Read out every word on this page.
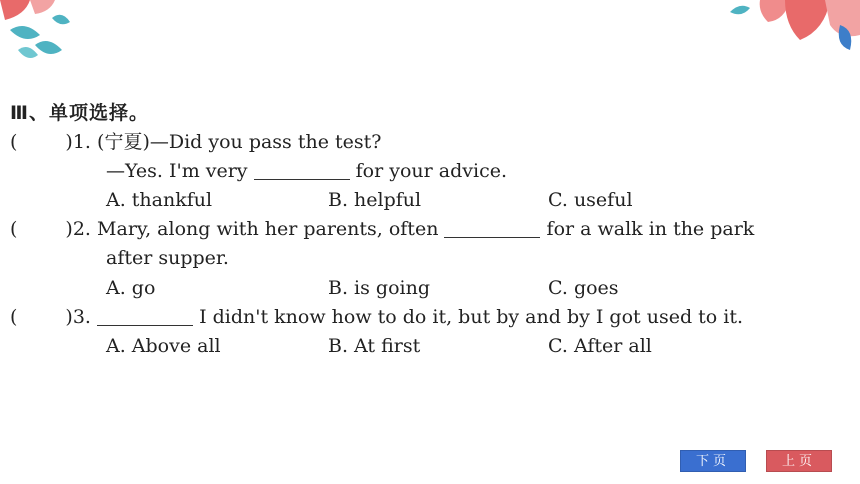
Ⅲ、单项选择。
(	)1. (宁夏)—Did you pass the test?
—Yes. I'm very	for your advice.
A. thankful	B. helpful	C. useful
(	)2. Mary, along with her parents, often	for a walk in the park
after supper.
A. go	B. is going	C. goes
(	)3.	I didn't know how to do it, but by and by I got used to it.
A. Above all	B. At first	C. After all
下页	上页
